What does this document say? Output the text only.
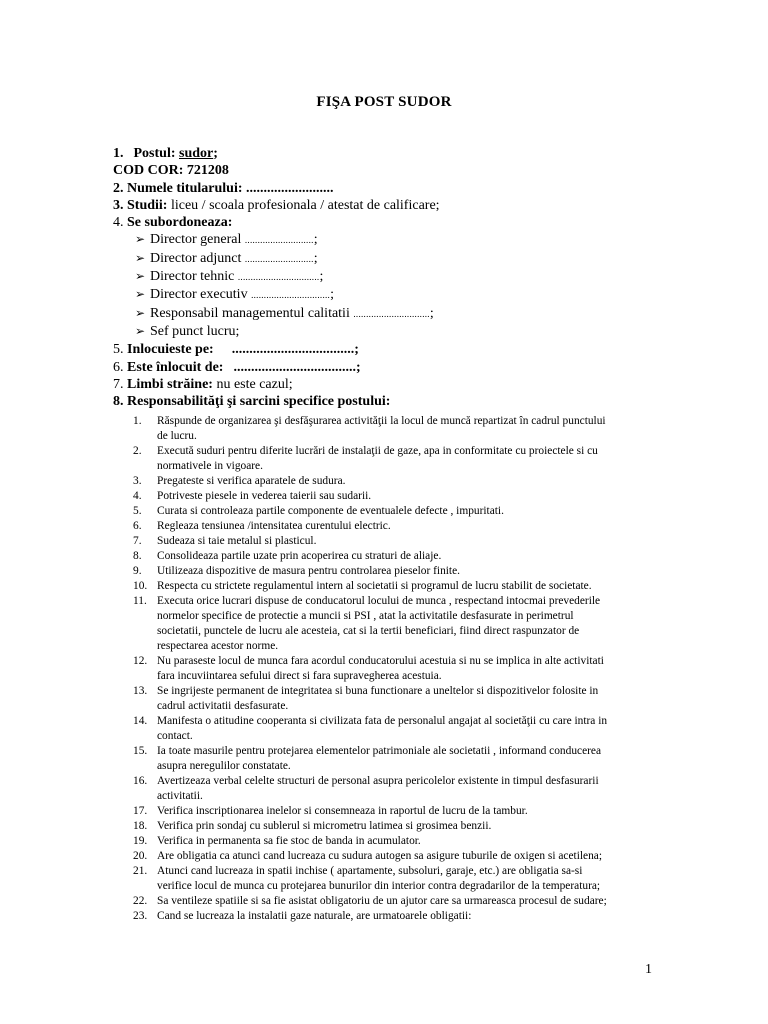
FIŞA POST SUDOR
1. Postul: sudor;
COD COR: 721208
2. Numele titularului: .........................
3. Studii: liceu / scoala profesionala / atestat de calificare;
4. Se subordoneaza:
➢ Director general ...........................;
➢ Director adjunct ...........................;
➢ Director tehnic ................................;
➢ Director executiv ...............................;
➢ Responsabil managementul calitatii ..............................;
➢ Sef punct lucru;
5. Inlocuieste pe: ...................................;
6. Este înlocuit de: ...................................;
7. Limbi străine: nu este cazul;
8. Responsabilităţi şi sarcini specifice postului:
1.	Răspunde de organizarea şi desfăşurarea activităţii la locul de muncă repartizat în cadrul punctului
de lucru.
2.	Execută suduri pentru diferite lucrări de instalaţii de gaze, apa in conformitate cu proiectele si cu
normativele in vigoare.
3.	Pregateste si verifica aparatele de sudura.
4.	Potriveste piesele in vederea taierii sau sudarii.
5.	Curata si controleaza partile componente de eventualele defecte , impuritati.
6.	Regleaza tensiunea /intensitatea curentului electric.
7.	Sudeaza si taie metalul si plasticul.
8.	Consolideaza partile uzate prin acoperirea cu straturi de aliaje.
9.	Utilizeaza dispozitive de masura pentru controlarea pieselor finite.
10. Respecta cu strictete regulamentul intern al societatii si programul de lucru stabilit de societate.
11. Executa orice lucrari dispuse de conducatorul locului de munca , respectand intocmai prevederile
normelor specifice de protectie a muncii si PSI , atat la activitatile desfasurate in perimetrul
societatii, punctele de lucru ale acesteia, cat si la tertii beneficiari, fiind direct raspunzator de
respectarea acestor norme.
12. Nu paraseste locul de munca fara acordul conducatorului acestuia si nu se implica in alte activitati
fara incuviintarea sefului direct si fara supravegherea acestuia.
13. Se ingrijeste permanent de integritatea si buna functionare a uneltelor si dispozitivelor folosite in
cadrul activitatii desfasurate.
14. Manifesta o atitudine cooperanta si civilizata fata de personalul angajat al societăţii cu care intra in
contact.
15. Ia toate masurile pentru protejarea elementelor patrimoniale ale societatii , informand conducerea
asupra neregulilor constatate.
16. Avertizeaza verbal celelte structuri de personal asupra pericolelor existente in timpul desfasurarii
activitatii.
17. Verifica inscriptionarea inelelor si consemneaza in raportul de lucru de la tambur.
18. Verifica prin sondaj cu sublerul si micrometru latimea si grosimea benzii.
19. Verifica in permanenta sa fie stoc de banda in acumulator.
20. Are obligatia ca atunci cand lucreaza cu sudura autogen sa asigure tuburile de oxigen si acetilena;
21. Atunci cand lucreaza in spatii inchise ( apartamente, subsoluri, garaje, etc.) are obligatia sa-si
verifice locul de munca cu protejarea bunurilor din interior contra degradarilor de la temperatura;
22. Sa ventileze spatiile si sa fie asistat obligatoriu de un ajutor care sa urmareasca procesul de sudare;
23. Cand se lucreaza la instalatii gaze naturale, are urmatoarele obligatii:
1
